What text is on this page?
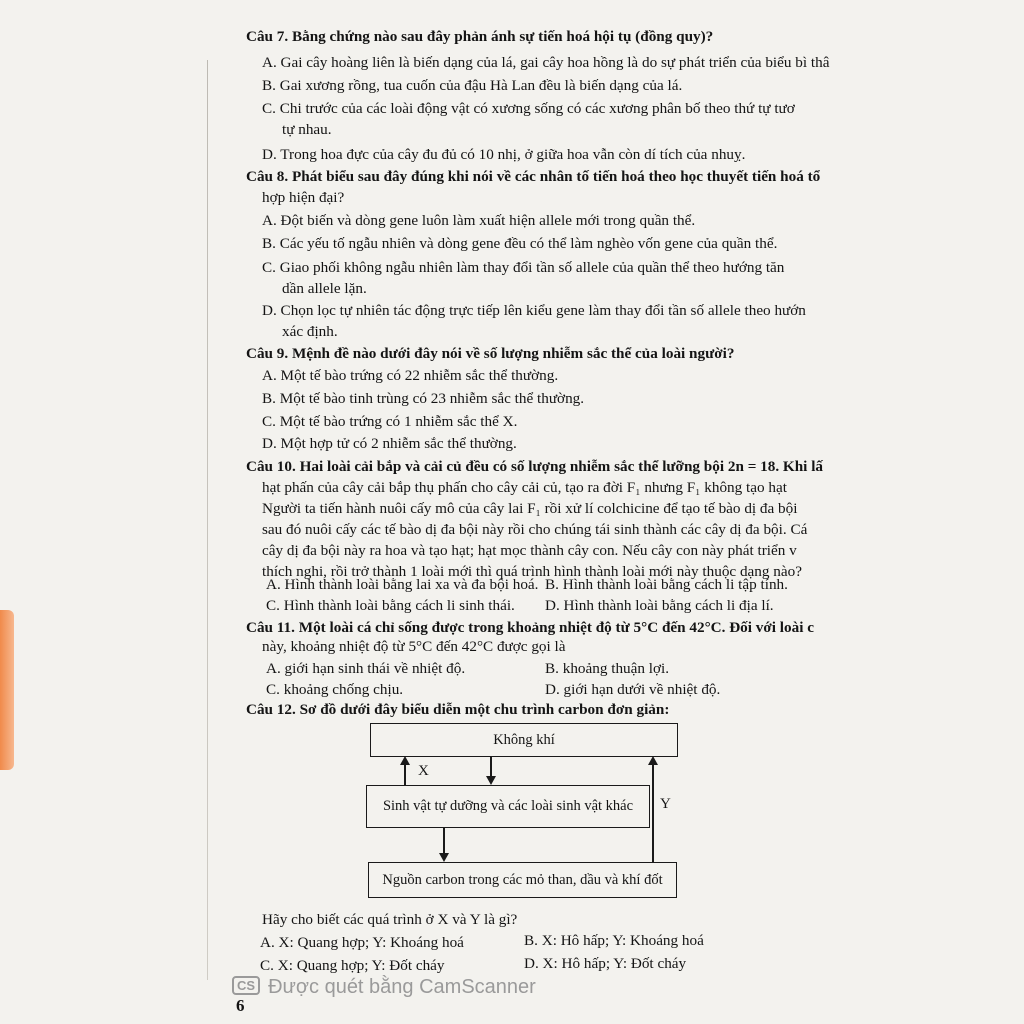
Câu 7. Bằng chứng nào sau đây phản ánh sự tiến hoá hội tụ (đồng quy)?
A. Gai cây hoàng liên là biến dạng của lá, gai cây hoa hồng là do sự phát triển của biểu bì thâ
B. Gai xương rồng, tua cuốn của đậu Hà Lan đều là biến dạng của lá.
C. Chi trước của các loài động vật có xương sống có các xương phân bố theo thứ tự tươ
tự nhau.
D. Trong hoa đực của cây đu đủ có 10 nhị, ở giữa hoa vẫn còn dí tích của nhuỵ.
Câu 8. Phát biểu sau đây đúng khi nói về các nhân tố tiến hoá theo học thuyết tiến hoá tổ
hợp hiện đại?
A. Đột biến và dòng gene luôn làm xuất hiện allele mới trong quần thể.
B. Các yếu tố ngẫu nhiên và dòng gene đều có thể làm nghèo vốn gene của quần thể.
C. Giao phối không ngẫu nhiên làm thay đổi tần số allele của quần thể theo hướng tăn
dần allele lặn.
D. Chọn lọc tự nhiên tác động trực tiếp lên kiểu gene làm thay đổi tần số allele theo hướn
xác định.
Câu 9. Mệnh đề nào dưới đây nói về số lượng nhiễm sắc thể của loài người?
A. Một tế bào trứng có 22 nhiễm sắc thể thường.
B. Một tế bào tinh trùng có 23 nhiễm sắc thể thường.
C. Một tế bào trứng có 1 nhiễm sắc thể X.
D. Một hợp tử có 2 nhiễm sắc thể thường.
Câu 10. Hai loài cải bắp và cải củ đều có số lượng nhiễm sắc thể lưỡng bội 2n = 18. Khi lấ
hạt phấn của cây cải bắp thụ phấn cho cây cải củ, tạo ra đời F₁ nhưng F₁ không tạo hạt
Người ta tiến hành nuôi cấy mô của cây lai F₁ rồi xử lí colchicine để tạo tế bào dị đa bội
sau đó nuôi cấy các tế bào dị đa bội này rồi cho chúng tái sinh thành các cây dị đa bội. Cá
cây dị đa bội này ra hoa và tạo hạt; hạt mọc thành cây con. Nếu cây con này phát triển v
thích nghi, rồi trở thành 1 loài mới thì quá trình hình thành loài mới này thuộc dạng nào?
A. Hình thành loài bằng lai xa và đa bội hoá. B. Hình thành loài bằng cách li tập tính.
C. Hình thành loài bằng cách li sinh thái. D. Hình thành loài bằng cách li địa lí.
Câu 11. Một loài cá chỉ sống được trong khoảng nhiệt độ từ 5°C đến 42°C. Đối với loài c
này, khoảng nhiệt độ từ 5°C đến 42°C được gọi là
A. giới hạn sinh thái về nhiệt độ.	B. khoảng thuận lợi.
C. khoảng chống chịu.	D. giới hạn dưới về nhiệt độ.
Câu 12. Sơ đồ dưới đây biểu diễn một chu trình carbon đơn giản:
Không khí
Sinh vật tự dưỡng và các loài sinh vật khác
Nguồn carbon trong các mỏ than, dầu và khí đốt
X
Y
Hãy cho biết các quá trình ở X và Y là gì?
A. X: Quang hợp; Y: Khoáng hoá	B. X: Hô hấp; Y: Khoáng hoá
C. X: Quang hợp; Y: Đốt cháy	D. X: Hô hấp; Y: Đốt cháy
CS Được quét bằng CamScanner
6
